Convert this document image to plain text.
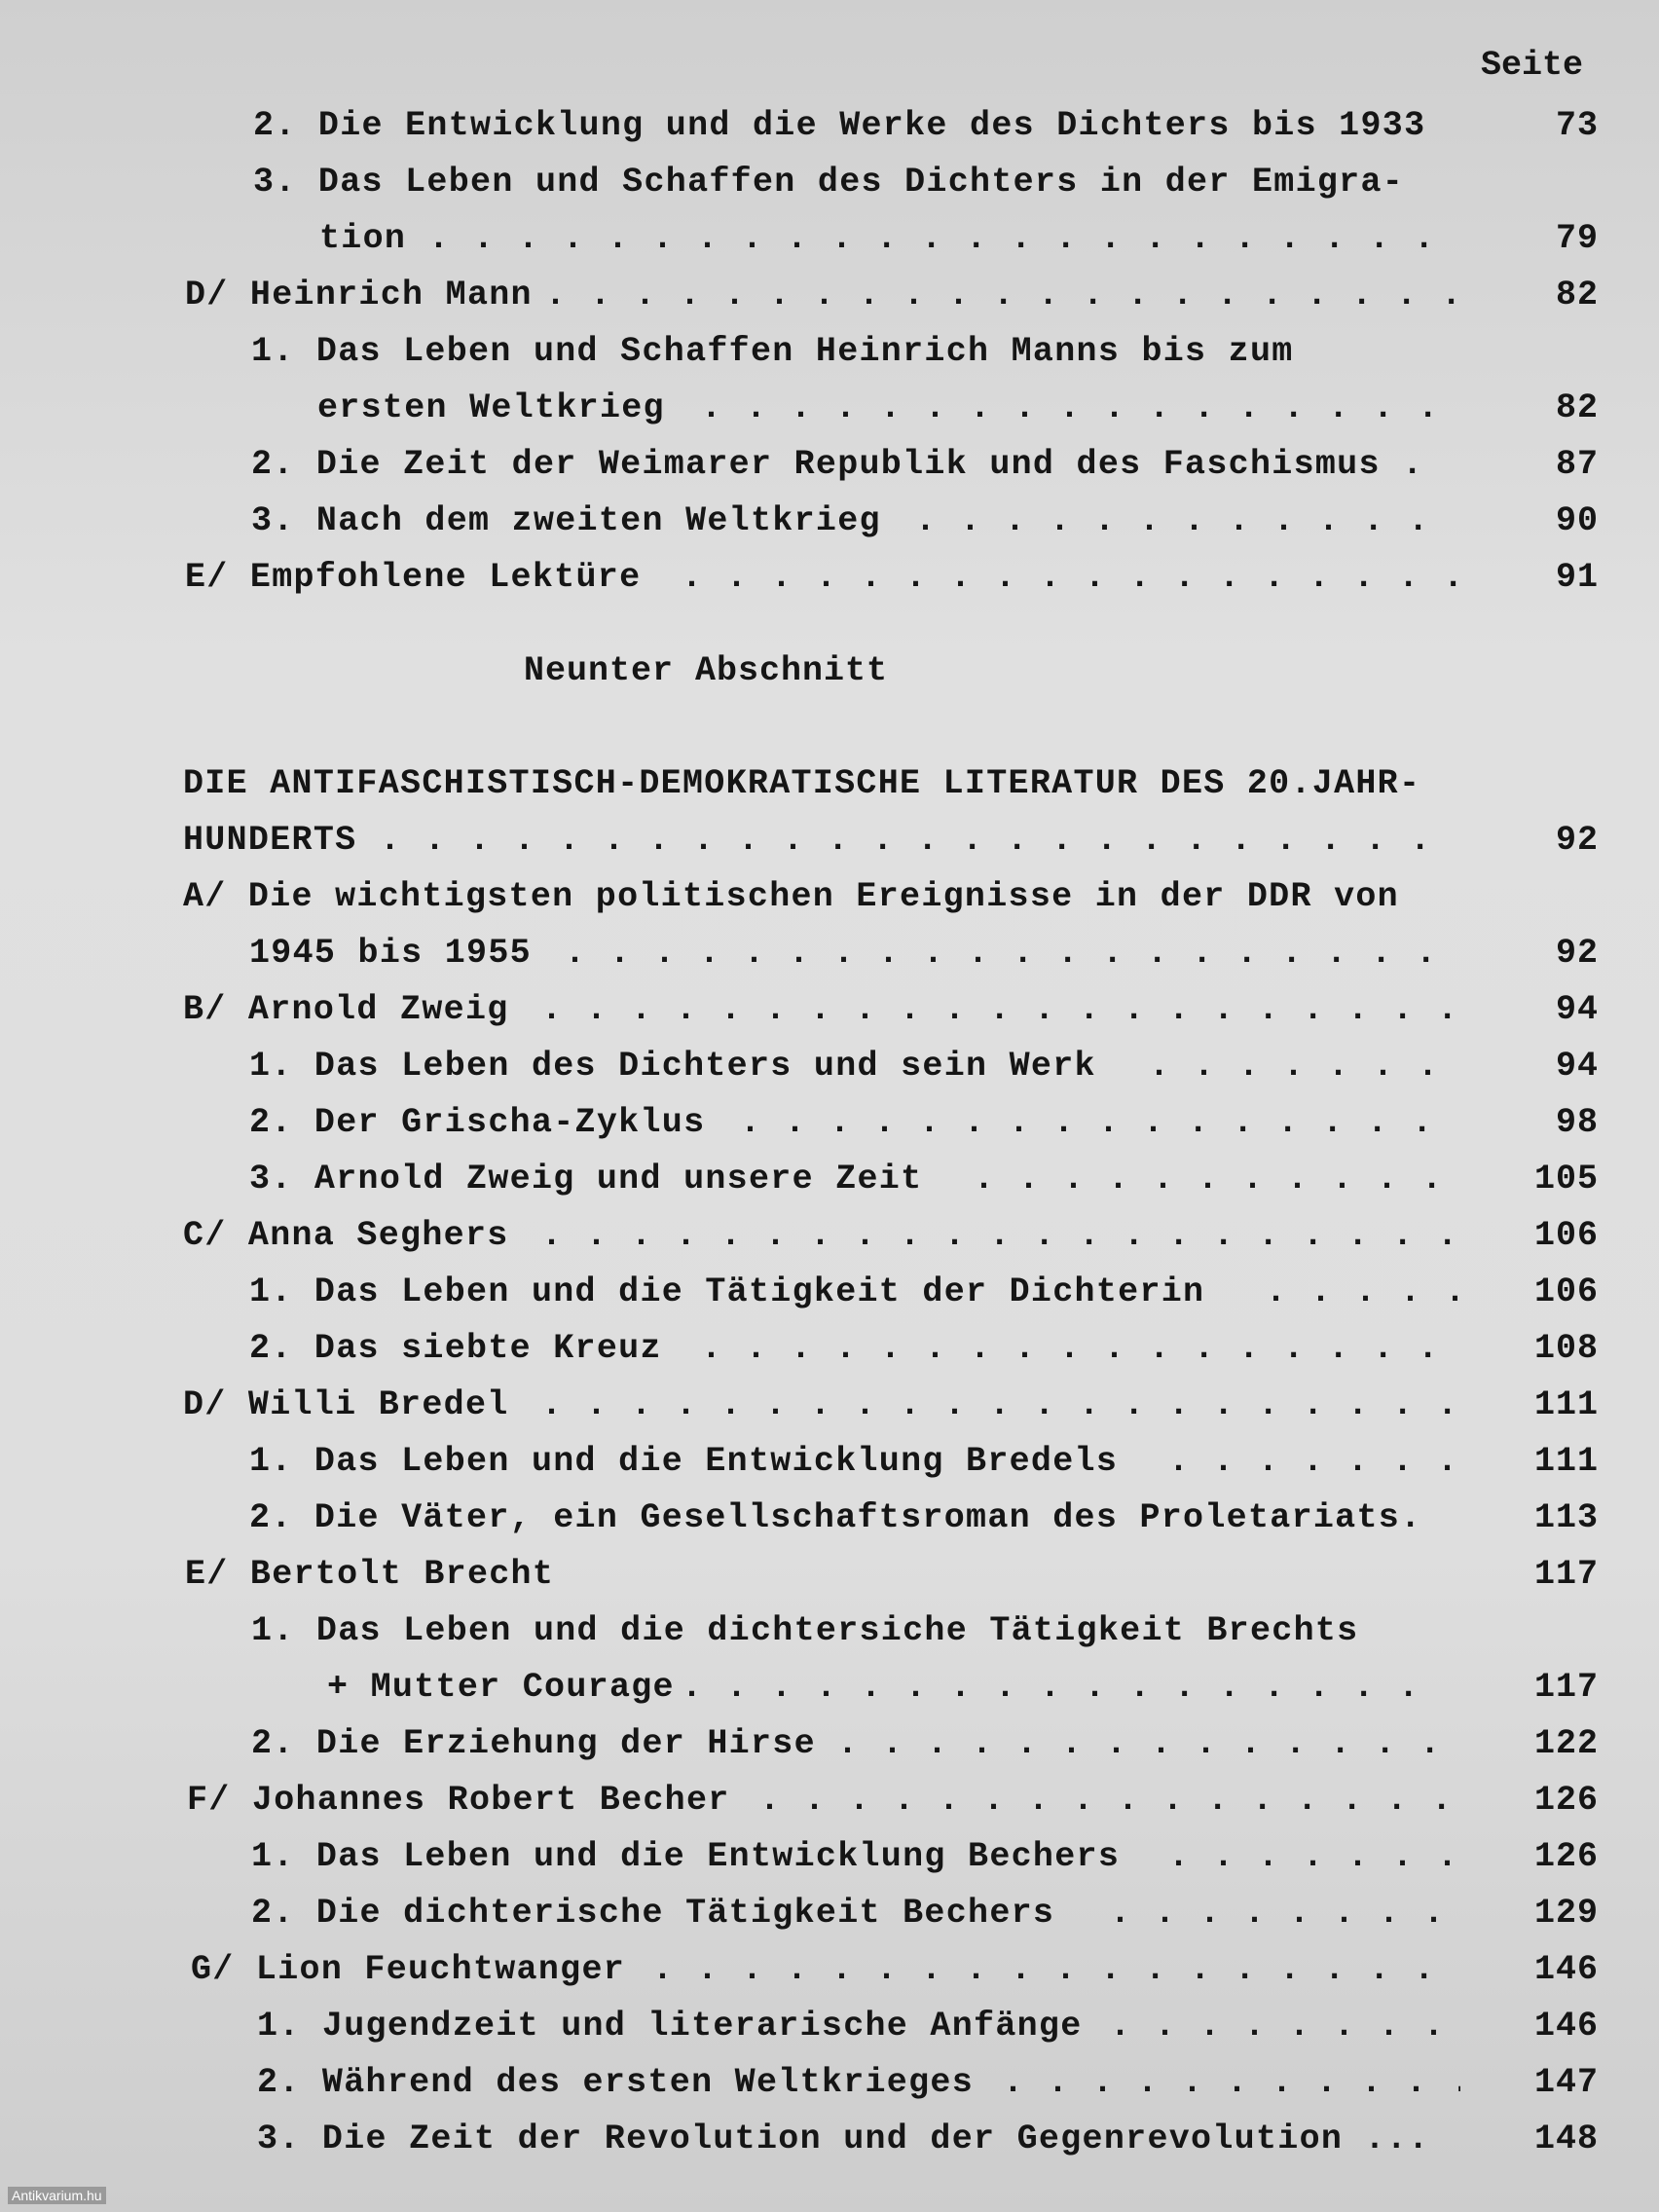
Seite
2. Die Entwicklung und die Werke des Dichters bis 1933	73
3. Das Leben und Schaffen des Dichters in der Emigra-
tion . . .	79
D/ Heinrich Mann . . .	82
1. Das Leben und Schaffen Heinrich Manns bis zum
ersten Weltkrieg . . .	82
2. Die Zeit der Weimarer Republik und des Faschismus .	87
3. Nach dem zweiten Weltkrieg . . .	90
E/ Empfohlene Lektüre . . .	91
Neunter Abschnitt
DIE ANTIFASCHISTISCH-DEMOKRATISCHE LITERATUR DES 20.JAHR-
HUNDERTS . . .	92
A/ Die wichtigsten politischen Ereignisse in der DDR von
1945 bis 1955 . . .	92
B/ Arnold Zweig . . .	94
1. Das Leben des Dichters und sein Werk . . .	94
2. Der Grischa-Zyklus . . .	98
3. Arnold Zweig und unsere Zeit . . .	105
C/ Anna Seghers . . .	106
1. Das Leben und die Tätigkeit der Dichterin . . .	106
2. Das siebte Kreuz . . .	108
D/ Willi Bredel . . .	111
1. Das Leben und die Entwicklung Bredels . . .	111
2. Die Väter, ein Gesellschaftsroman des Proletariats.	113
E/ Bertolt Brecht	117
1. Das Leben und die dichtersiche Tätigkeit Brechts
+ Mutter Courage . . .	117
2. Die Erziehung der Hirse . . .	122
F/ Johannes Robert Becher . . .	126
1. Das Leben und die Entwicklung Bechers . . .	126
2. Die dichterische Tätigkeit Bechers . . .	129
G/ Lion Feuchtwanger . . .	146
1. Jugendzeit und literarische Anfänge . . .	146
2. Während des ersten Weltkrieges . . .	147
3. Die Zeit der Revolution und der Gegenrevolution ...	148
Antikvarium.hu
